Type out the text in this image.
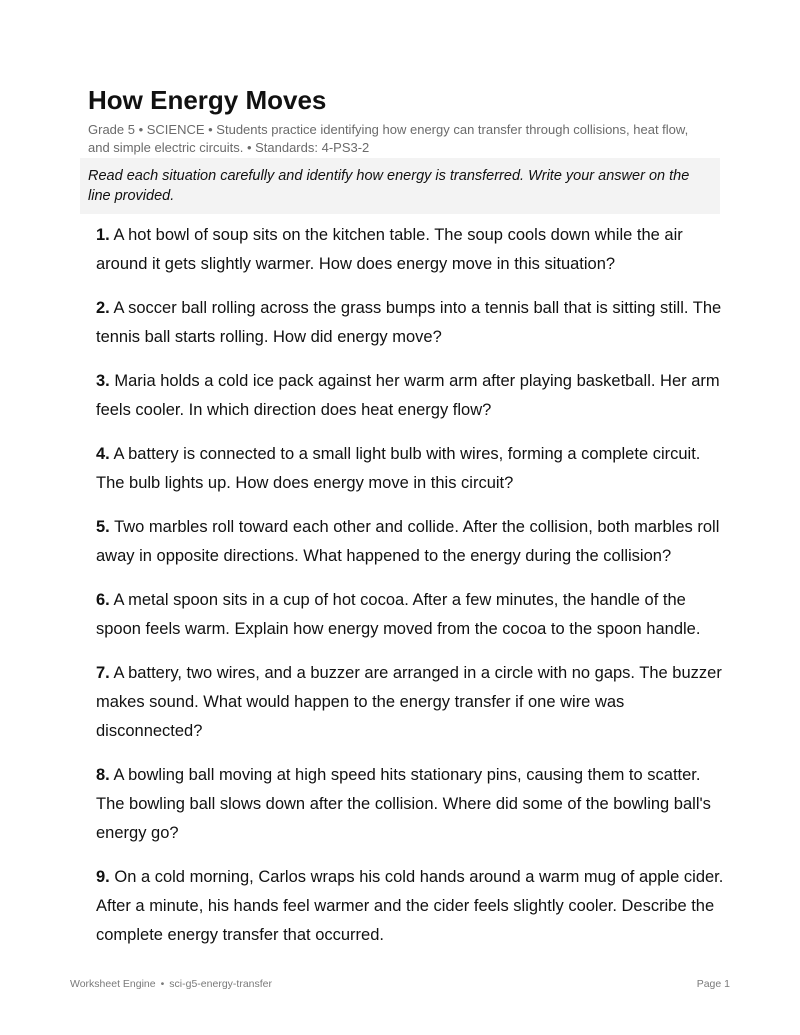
How Energy Moves
Grade 5 • SCIENCE • Students practice identifying how energy can transfer through collisions, heat flow,
and simple electric circuits. • Standards: 4-PS3-2
Read each situation carefully and identify how energy is transferred. Write your answer on the line provided.
1. A hot bowl of soup sits on the kitchen table. The soup cools down while the air around it gets slightly warmer. How does energy move in this situation?
2. A soccer ball rolling across the grass bumps into a tennis ball that is sitting still. The tennis ball starts rolling. How did energy move?
3. Maria holds a cold ice pack against her warm arm after playing basketball. Her arm feels cooler. In which direction does heat energy flow?
4. A battery is connected to a small light bulb with wires, forming a complete circuit. The bulb lights up. How does energy move in this circuit?
5. Two marbles roll toward each other and collide. After the collision, both marbles roll away in opposite directions. What happened to the energy during the collision?
6. A metal spoon sits in a cup of hot cocoa. After a few minutes, the handle of the spoon feels warm. Explain how energy moved from the cocoa to the spoon handle.
7. A battery, two wires, and a buzzer are arranged in a circle with no gaps. The buzzer makes sound. What would happen to the energy transfer if one wire was disconnected?
8. A bowling ball moving at high speed hits stationary pins, causing them to scatter. The bowling ball slows down after the collision. Where did some of the bowling ball's energy go?
9. On a cold morning, Carlos wraps his cold hands around a warm mug of apple cider. After a minute, his hands feel warmer and the cider feels slightly cooler. Describe the complete energy transfer that occurred.
Worksheet Engine • sci-g5-energy-transfer	Page 1
